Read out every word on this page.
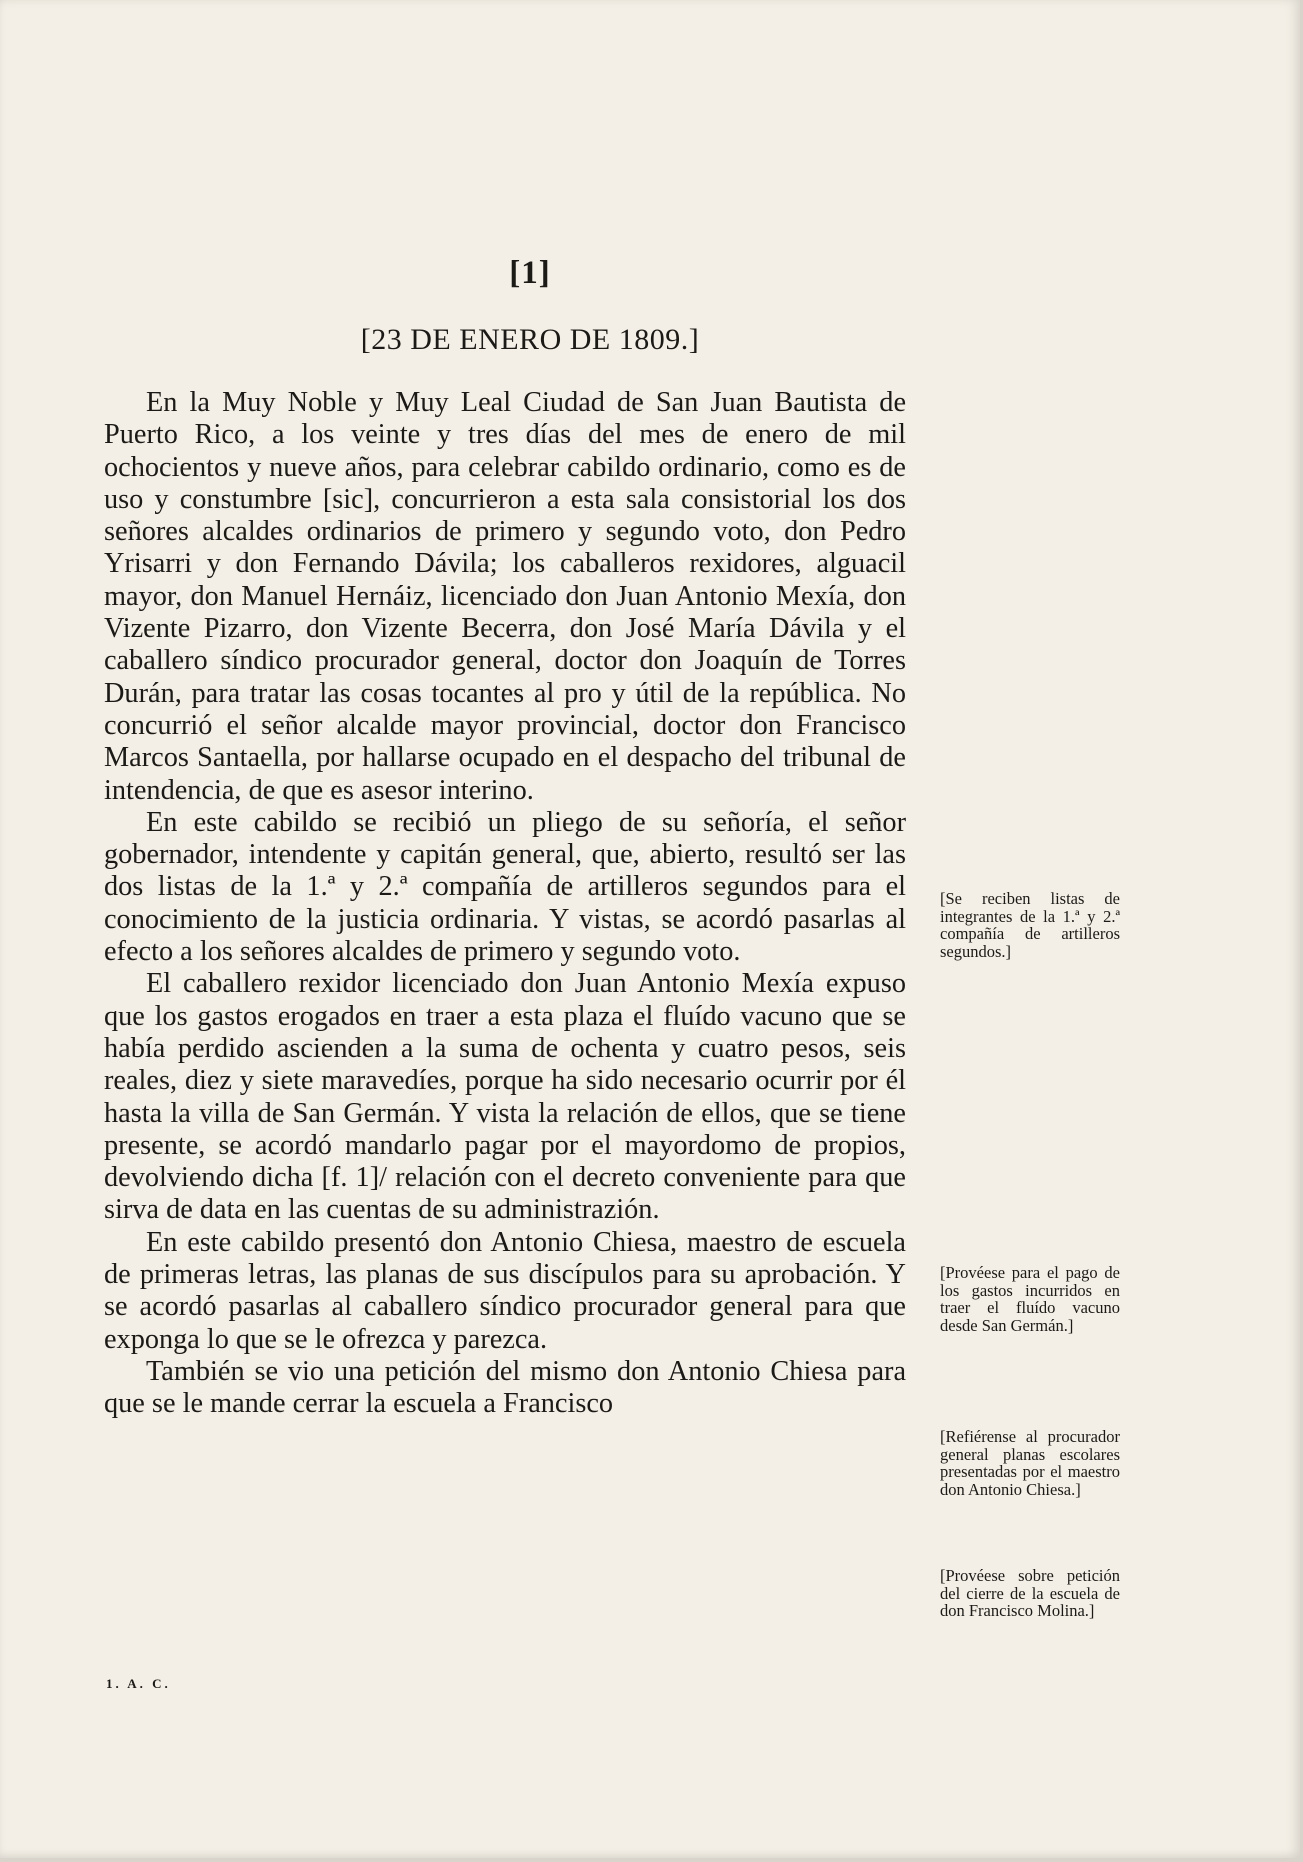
[1]
[23 DE ENERO DE 1809.]

En la Muy Noble y Muy Leal Ciudad de San Juan Bautista de Puerto Rico, a los veinte y tres días del mes de enero de mil ochocientos y nueve años, para celebrar cabildo ordinario, como es de uso y constumbre [sic], concurrieron a esta sala consistorial los dos señores alcaldes ordinarios de primero y segundo voto, don Pedro Yrisarri y don Fernando Dávila; los caballeros rexidores, alguacil mayor, don Manuel Hernáiz, licenciado don Juan Antonio Mexía, don Vizente Pizarro, don Vizente Becerra, don José María Dávila y el caballero síndico procurador general, doctor don Joaquín de Torres Durán, para tratar las cosas tocantes al pro y útil de la república. No concurrió el señor alcalde mayor provincial, doctor don Francisco Marcos Santaella, por hallarse ocupado en el despacho del tribunal de intendencia, de que es asesor interino.

En este cabildo se recibió un pliego de su señoría, el señor gobernador, intendente y capitán general, que, abierto, resultó ser las dos listas de la 1.ª y 2.ª compañía de artilleros segundos para el conocimiento de la justicia ordinaria. Y vistas, se acordó pasarlas al efecto a los señores alcaldes de primero y segundo voto.

El caballero rexidor licenciado don Juan Antonio Mexía expuso que los gastos erogados en traer a esta plaza el fluído vacuno que se había perdido ascienden a la suma de ochenta y cuatro pesos, seis reales, diez y siete maravedíes, porque ha sido necesario ocurrir por él hasta la villa de San Germán. Y vista la relación de ellos, que se tiene presente, se acordó mandarlo pagar por el mayordomo de propios, devolviendo dicha [f. 1]/ relación con el decreto conveniente para que sirva de data en las cuentas de su administrazión.

En este cabildo presentó don Antonio Chiesa, maestro de escuela de primeras letras, las planas de sus discípulos para su aprobación. Y se acordó pasarlas al caballero síndico procurador general para que exponga lo que se le ofrezca y parezca.

También se vio una petición del mismo don Antonio Chiesa para que se le mande cerrar la escuela a Francisco

[Se reciben listas de integrantes de la 1.ª y 2.ª compañía de artilleros segundos.]
[Provéese para el pago de los gastos incurridos en traer el fluído vacuno desde San Germán.]
[Refiérense al procurador general planas escolares presentadas por el maestro don Antonio Chiesa.]
[Provéese sobre petición del cierre de la escuela de don Francisco Molina.]
1. A. C.
